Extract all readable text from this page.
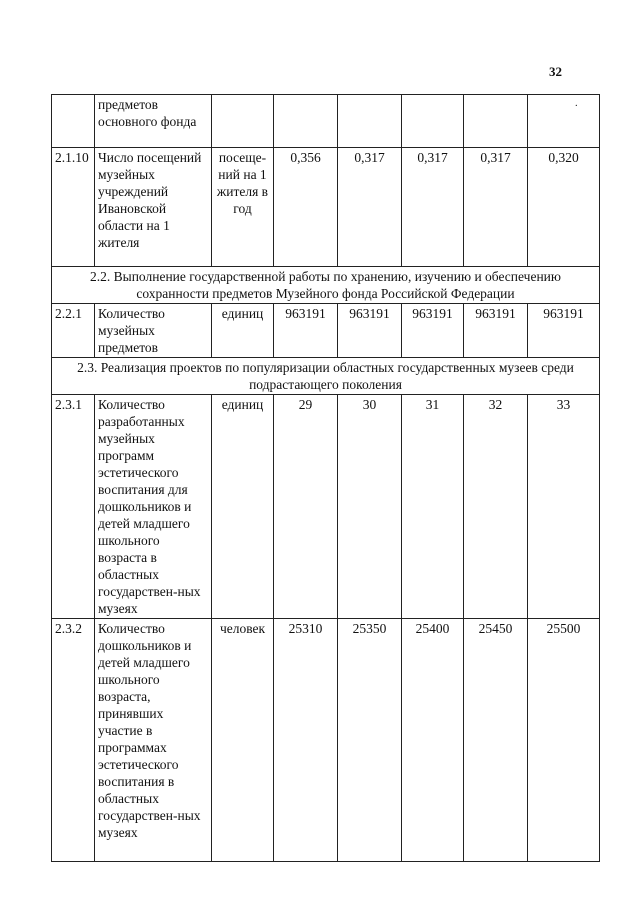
32
	предметов основного фонда						·

2.1.10	Число посещений музейных учреждений Ивановской области на 1 жителя	посеще-ний на 1 жителя в год	0,356	0,317	0,317	0,317	0,320
2.2. Выполнение государственной работы по хранению, изучению и обеспечению сохранности предметов Музейного фонда Российской Федерации							
2.2.1	Количество музейных предметов	единиц	963191	963191	963191	963191	963191
2.3. Реализация проектов по популяризации областных государственных музеев среди подрастающего поколения							
2.3.1	Количество разработанных музейных программ эстетического воспитания для дошкольников и детей младшего школьного возраста в областных государствен-ных музеях	единиц	29	30	31	32	33
2.3.2	Количество дошкольников и детей младшего школьного возраста, принявших участие в программах эстетического воспитания в областных государствен-ных музеях	человек	25310	25350	25400	25450	25500
